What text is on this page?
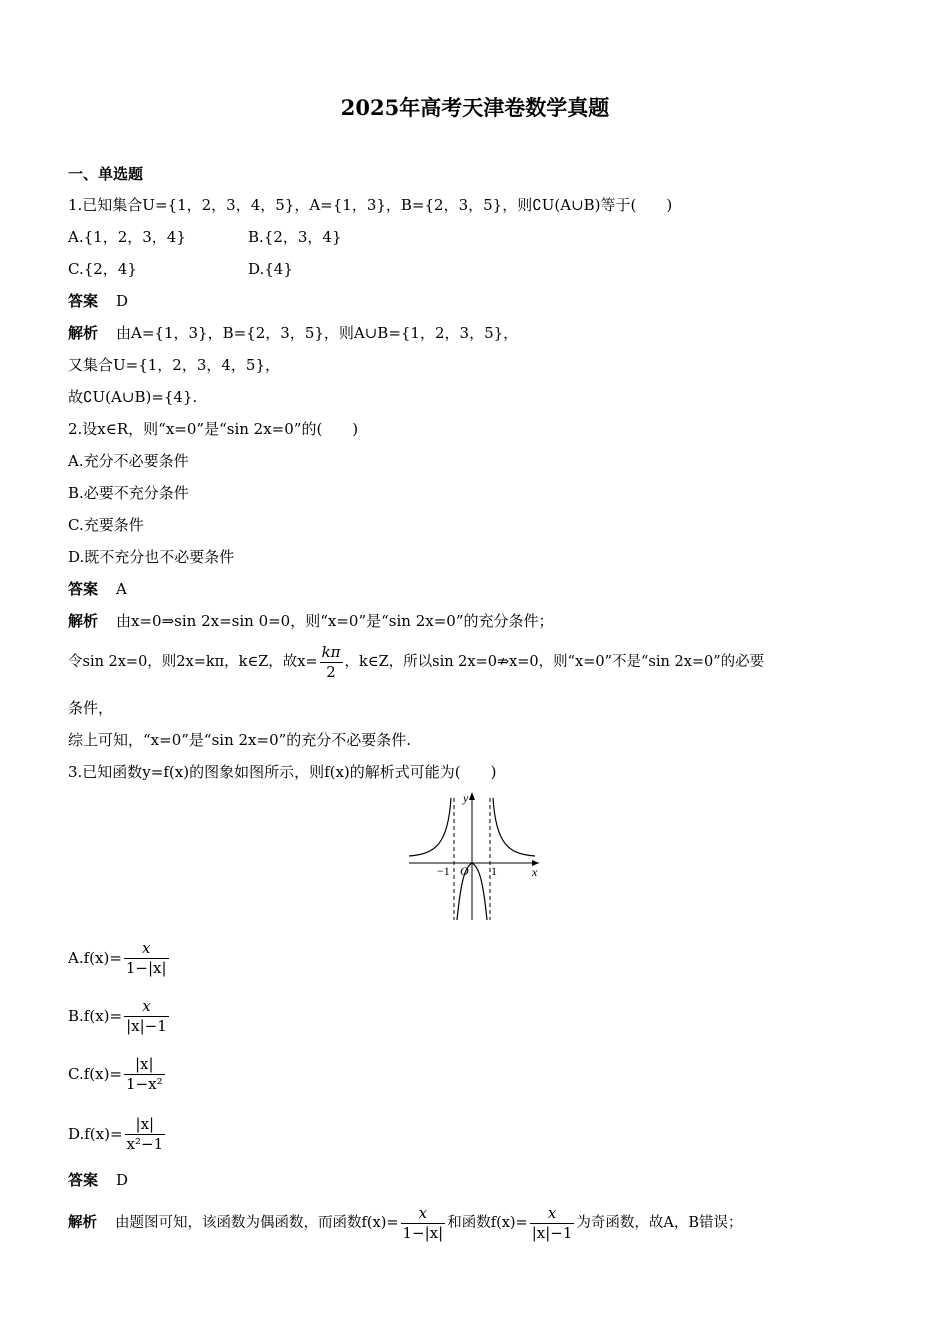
2025年高考天津卷数学真题
一、单选题
1.已知集合U={1，2，3，4，5}，A={1，3}，B={2，3，5}，则∁U(A∪B)等于(　　)
A.{1，2，3，4}	B.{2，3，4}
C.{2，4}	D.{4}
答案 D
解析 由A={1，3}，B={2，3，5}，则A∪B={1，2，3，5}，
又集合U={1，2，3，4，5}，
故∁U(A∪B)={4}.
2.设x∈R，则“x=0”是“sin 2x=0”的(　　)
A.充分不必要条件
B.必要不充分条件
C.充要条件
D.既不充分也不必要条件
答案 A
解析 由x=0⇒sin 2x=sin 0=0，则“x=0”是“sin 2x=0”的充分条件；
令sin 2x=0，则2x=kπ，k∈Z，故$x= \frac{k\pi}{2}$ ，k∈Z，所以sin 2x=0⇏x=0，则“x=0”不是“sin 2x=0”的必要
条件，
综上可知，“x=0”是“sin 2x=0”的充分不必要条件.
3.已知函数y=f(x)的图象如图所示，则f(x)的解析式可能为(　　)
y
x
O
−1	1
$A.f(x)= \frac{x}{1-|x|}$
$B.f(x)= \frac{x}{|x|-1}$
$C.f(x)= \frac{|x|}{\text{1−x²}}$
$D.f(x)= \frac{|x|}{\text{x²−1}}$
答案 D
解析 由题图可知，该函数为偶函数，而函数$f(x)= \frac{x}{1-|x|}$ 和函数$f(x)= \frac{x}{|x|-1}$ 为奇函数，故A，B错误；
